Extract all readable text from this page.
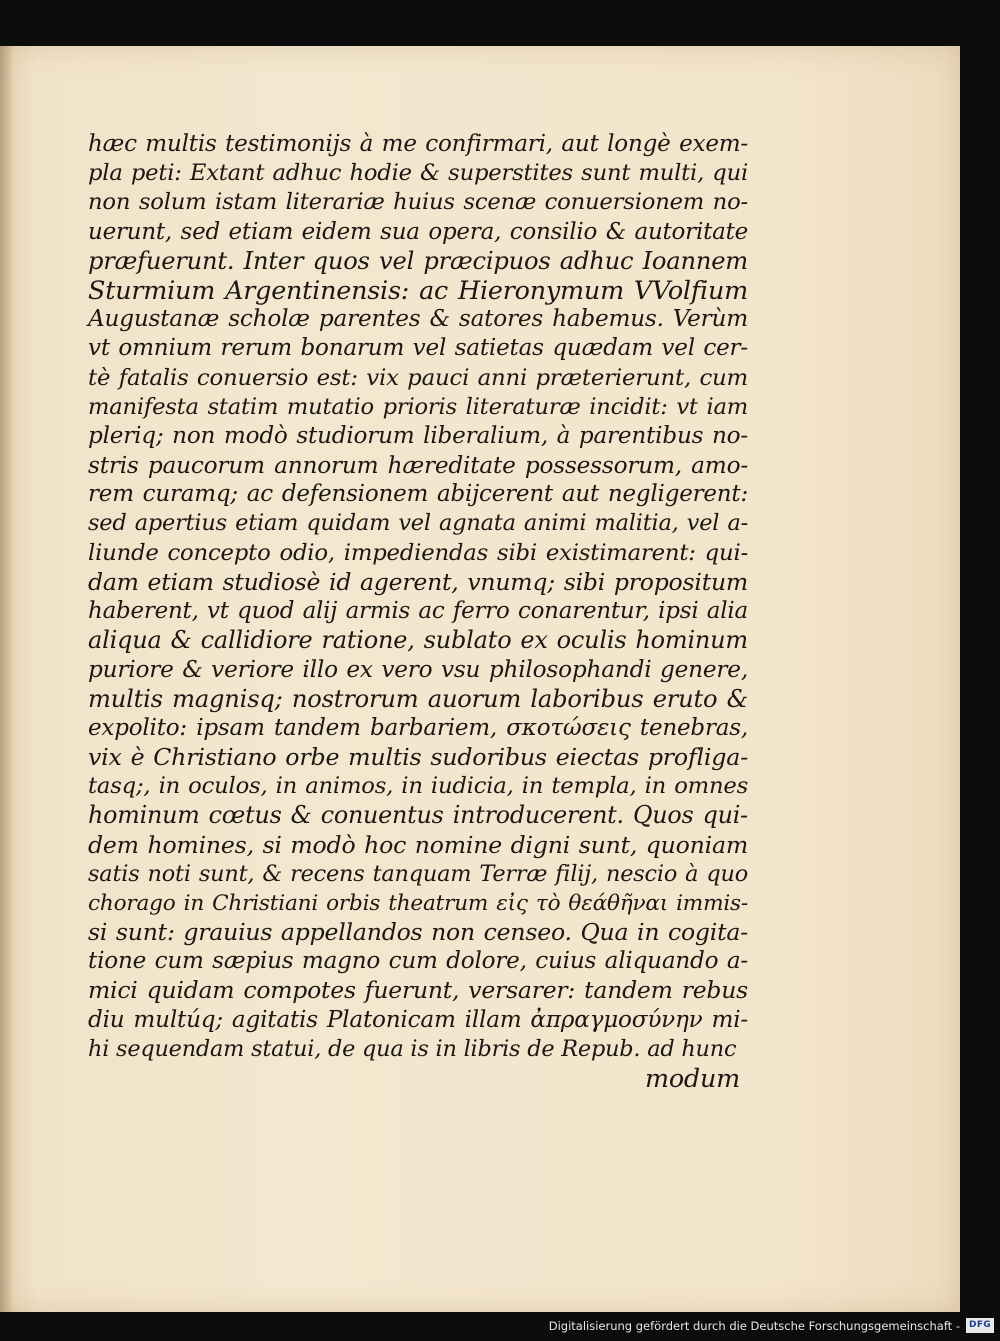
hæc multis testimonijs à me confirmari, aut longè exem-
pla peti: Extant adhuc hodie & superstites sunt multi, qui
non solum istam literariæ huius scenæ conuersionem no-
uerunt, sed etiam eidem sua opera, consilio & autoritate
præfuerunt. Inter quos vel præcipuos adhuc Ioannem
Sturmium Argentinensis: ac Hieronymum VVolfium
Augustanæ scholæ parentes & satores habemus. Verùm
vt omnium rerum bonarum vel satietas quædam vel cer-
tè fatalis conuersio est: vix pauci anni præterierunt, cum
manifesta statim mutatio prioris literaturæ incidit: vt iam
pleriq; non modò studiorum liberalium, à parentibus no-
stris paucorum annorum hæreditate possessorum, amo-
rem curamq; ac defensionem abijcerent aut negligerent:
sed apertius etiam quidam vel agnata animi malitia, vel a-
liunde concepto odio, impediendas sibi existimarent: qui-
dam etiam studiosè id agerent, vnumq; sibi propositum
haberent, vt quod alij armis ac ferro conarentur, ipsi alia
aliqua & callidiore ratione, sublato ex oculis hominum
puriore & veriore illo ex vero vsu philosophandi genere,
multis magnisq; nostrorum auorum laboribus eruto &
expolito: ipsam tandem barbariem, σκοτώσεις tenebras,
vix è Christiano orbe multis sudoribus eiectas profliga-
tasq;, in oculos, in animos, in iudicia, in templa, in omnes
hominum cœtus & conuentus introducerent. Quos qui-
dem homines, si modò hoc nomine digni sunt, quoniam
satis noti sunt, & recens tanquam Terræ filij, nescio à quo
chorago in Christiani orbis theatrum εἰς τὸ θεάθῆναι immis-
si sunt: grauius appellandos non censeo. Qua in cogita-
tione cum sæpius magno cum dolore, cuius aliquando a-
mici quidam compotes fuerunt, versarer: tandem rebus
diu multúq; agitatis Platonicam illam ἀπραγμοσύνην mi-
hi sequendam statui, de qua is in libris de Repub. ad hunc
modum
Digitalisierung gefördert durch die Deutsche Forschungsgemeinschaft -	DFG
